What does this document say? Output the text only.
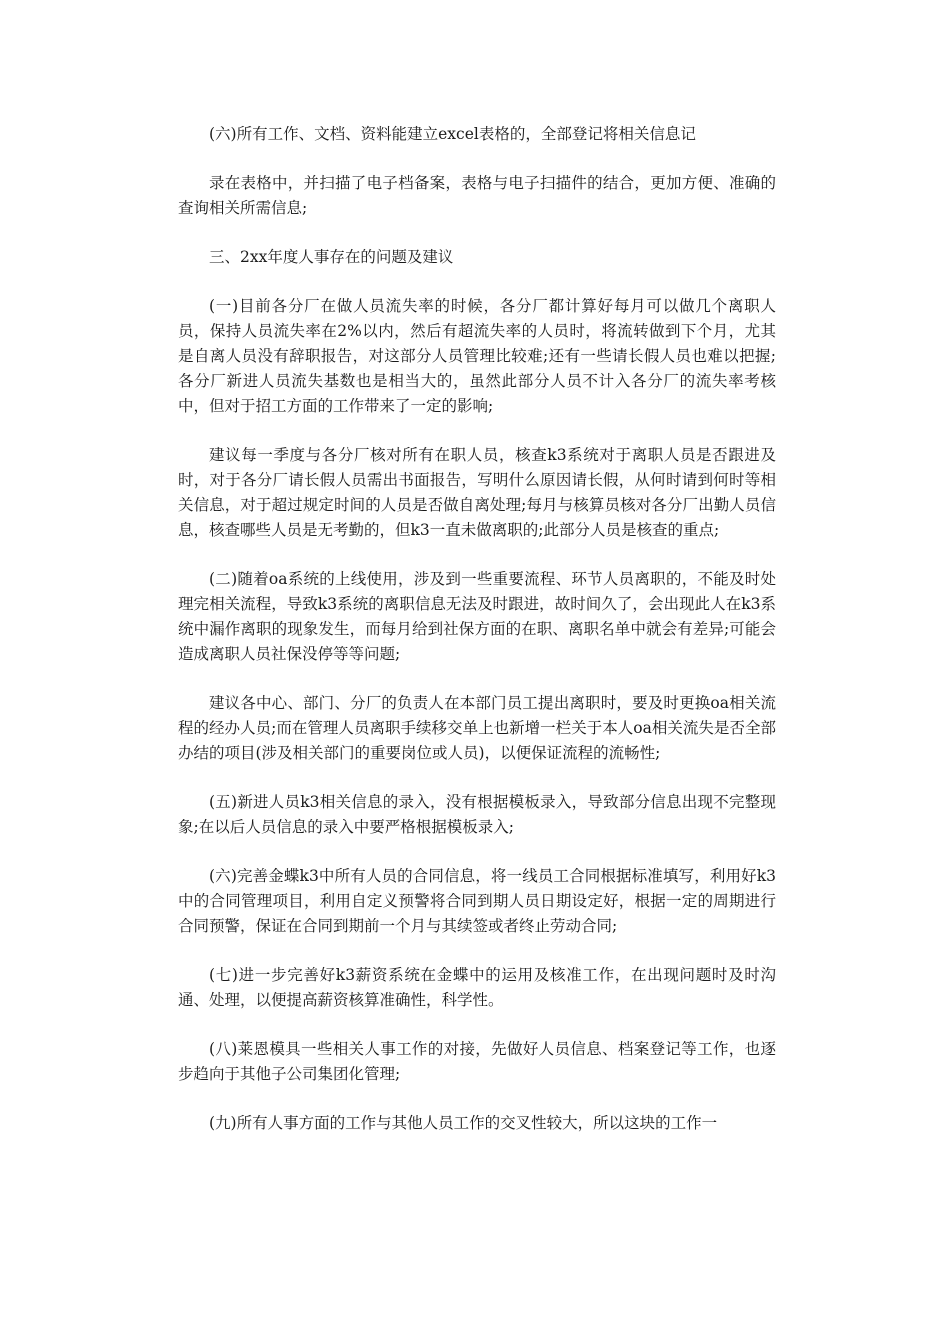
(六)所有工作、文档、资料能建立excel表格的，全部登记将相关信息记

录在表格中，并扫描了电子档备案，表格与电子扫描件的结合，更加方便、准确的查询相关所需信息;

三、2xx年度人事存在的问题及建议

(一)目前各分厂在做人员流失率的时候，各分厂都计算好每月可以做几个离职人员，保持人员流失率在2%以内，然后有超流失率的人员时，将流转做到下个月，尤其是自离人员没有辞职报告，对这部分人员管理比较难;还有一些请长假人员也难以把握;各分厂新进人员流失基数也是相当大的，虽然此部分人员不计入各分厂的流失率考核中，但对于招工方面的工作带来了一定的影响;

建议每一季度与各分厂核对所有在职人员，核查k3系统对于离职人员是否跟进及时，对于各分厂请长假人员需出书面报告，写明什么原因请长假，从何时请到何时等相关信息，对于超过规定时间的人员是否做自离处理;每月与核算员核对各分厂出勤人员信息，核查哪些人员是无考勤的，但k3一直未做离职的;此部分人员是核查的重点;

(二)随着oa系统的上线使用，涉及到一些重要流程、环节人员离职的，不能及时处理完相关流程，导致k3系统的离职信息无法及时跟进，故时间久了，会出现此人在k3系统中漏作离职的现象发生，而每月给到社保方面的在职、离职名单中就会有差异;可能会造成离职人员社保没停等等问题;

建议各中心、部门、分厂的负责人在本部门员工提出离职时，要及时更换oa相关流程的经办人员;而在管理人员离职手续移交单上也新增一栏关于本人oa相关流失是否全部办结的项目(涉及相关部门的重要岗位或人员)，以便保证流程的流畅性;

(五)新进人员k3相关信息的录入，没有根据模板录入，导致部分信息出现不完整现象;在以后人员信息的录入中要严格根据模板录入;

(六)完善金蝶k3中所有人员的合同信息，将一线员工合同根据标准填写，利用好k3中的合同管理项目，利用自定义预警将合同到期人员日期设定好，根据一定的周期进行合同预警，保证在合同到期前一个月与其续签或者终止劳动合同;

(七)进一步完善好k3薪资系统在金蝶中的运用及核准工作，在出现问题时及时沟通、处理，以便提高薪资核算准确性，科学性。

(八)莱恩模具一些相关人事工作的对接，先做好人员信息、档案登记等工作，也逐步趋向于其他子公司集团化管理;

(九)所有人事方面的工作与其他人员工作的交叉性较大，所以这块的工作一
